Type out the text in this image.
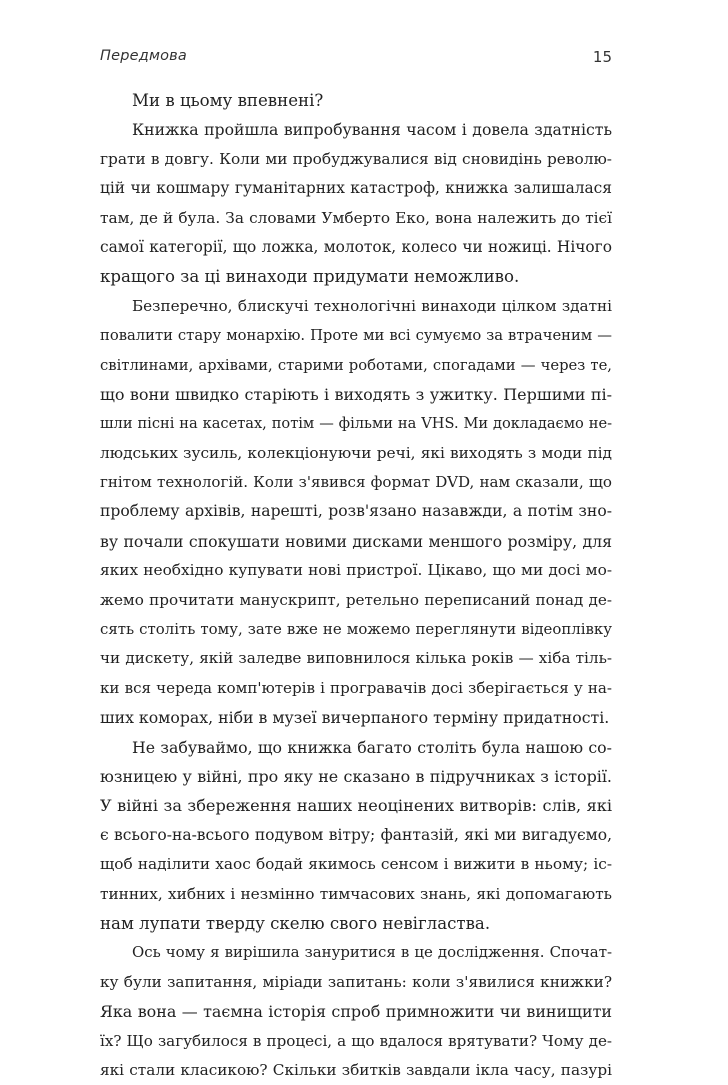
Передмова	15
Ми в цьому впевнені?
Книжка пройшла випробування часом і довела здатність
грати в довгу. Коли ми пробуджувалися від сновидінь револю-
цій чи кошмару гуманітарних катастроф, книжка залишалася
там, де й була. За словами Умберто Еко, вона належить до тієї
самої категорії, що ложка, молоток, колесо чи ножиці. Нічого
кращого за ці винаходи придумати неможливо.
Безперечно, блискучі технологічні винаходи цілком здатні
повалити стару монархію. Проте ми всі сумуємо за втраченим —
світлинами, архівами, старими роботами, спогадами — через те,
що вони швидко старіють і виходять з ужитку. Першими пі-
шли пісні на касетах, потім — фільми на VHS. Ми докладаємо не-
людських зусиль, колекціонуючи речі, які виходять з моди під
гнітом технологій. Коли з'явився формат DVD, нам сказали, що
проблему архівів, нарешті, розв'язано назавжди, а потім зно-
ву почали спокушати новими дисками меншого розміру, для
яких необхідно купувати нові пристрої. Цікаво, що ми досі мо-
жемо прочитати манускрипт, ретельно переписаний понад де-
сять століть тому, зате вже не можемо переглянути відеоплівку
чи дискету, якій заледве виповнилося кілька років — хіба тіль-
ки вся череда комп'ютерів і програвачів досі зберігається у на-
ших коморах, ніби в музеї вичерпаного терміну придатності.
Не забуваймо, що книжка багато століть була нашою со-
юзницею у війні, про яку не сказано в підручниках з історії.
У війні за збереження наших неоцінених витворів: слів, які
є всього-на-всього подувом вітру; фантазій, які ми вигадуємо,
щоб наділити хаос бодай якимось сенсом і вижити в ньому; іс-
тинних, хибних і незмінно тимчасових знань, які допомагають
нам лупати тверду скелю свого невігластва.
Ось чому я вирішила зануритися в це дослідження. Спочат-
ку були запитання, міріади запитань: коли з'явилися книжки?
Яка вона — таємна історія спроб примножити чи винищити
їх? Що загубилося в процесі, а що вдалося врятувати? Чому де-
які стали класикою? Скільки збитків завдали ікла часу, пазурі
